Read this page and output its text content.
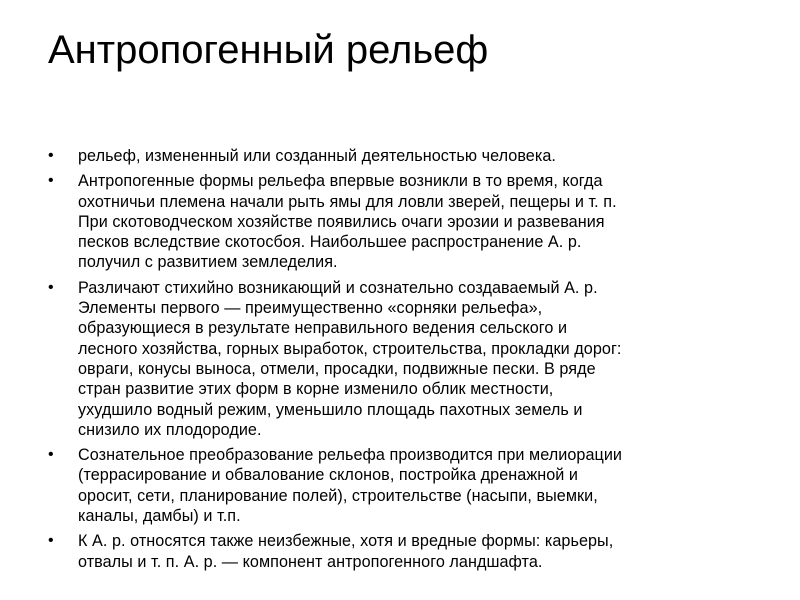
Антропогенный рельеф
•	рельеф, измененный или созданный деятельностью человека.
•	Антропогенные формы рельефа впервые возникли в то время, когда
охотничьи племена начали рыть ямы для ловли зверей, пещеры и т. п.
При скотоводческом хозяйстве появились очаги эрозии и развевания
песков вследствие скотосбоя. Наибольшее распространение А. р.
получил с развитием земледелия.
•	Различают стихийно возникающий и сознательно создаваемый А. р.
Элементы первого — преимущественно «сорняки рельефа»,
образующиеся в результате неправильного ведения сельского и
лесного хозяйства, горных выработок, строительства, прокладки дорог:
овраги, конусы выноса, отмели, просадки, подвижные пески. В ряде
стран развитие этих форм в корне изменило облик местности,
ухудшило водный режим, уменьшило площадь пахотных земель и
снизило их плодородие.
•	Сознательное преобразование рельефа производится при мелиорации
(террасирование и обвалование склонов, постройка дренажной и
оросит, сети, планирование полей), строительстве (насыпи, выемки,
каналы, дамбы) и т.п.
•	К А. р. относятся также неизбежные, хотя и вредные формы: карьеры,
отвалы и т. п. А. р. — компонент антропогенного ландшафта.
